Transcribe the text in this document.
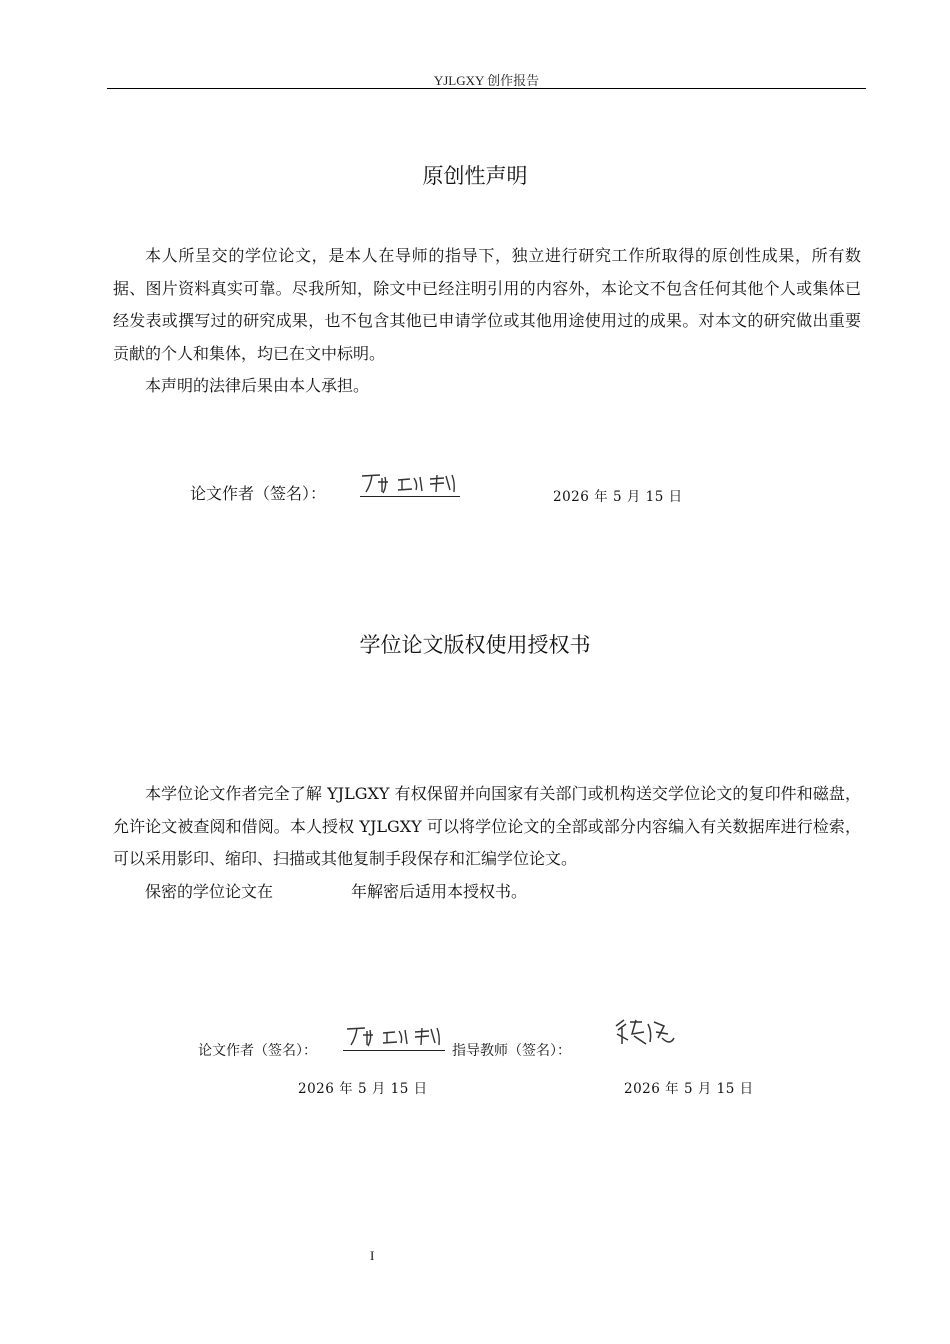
YJLGXY 创作报告
原创性声明

本人所呈交的学位论文，是本人在导师的指导下，独立进行研究工作所取得的原创性成果，所有数据、图片资料真实可靠。尽我所知，除文中已经注明引用的内容外，本论文不包含任何其他个人或集体已经发表或撰写过的研究成果，也不包含其他已申请学位或其他用途使用过的成果。对本文的研究做出重要贡献的个人和集体，均已在文中标明。

本声明的法律后果由本人承担。

论文作者（签名）：	2026 年 5 月 15 日
学位论文版权使用授权书

本学位论文作者完全了解 YJLGXY 有权保留并向国家有关部门或机构送交学位论文的复印件和磁盘，允许论文被查阅和借阅。本人授权 YJLGXY 可以将学位论文的全部或部分内容编入有关数据库进行检索，可以采用影印、缩印、扫描或其他复制手段保存和汇编学位论文。

保密的学位论文在	年解密后适用本授权书。

论文作者（签名）：	指导教师（签名）：
2026 年 5 月 15 日	2026 年 5 月 15 日
I
